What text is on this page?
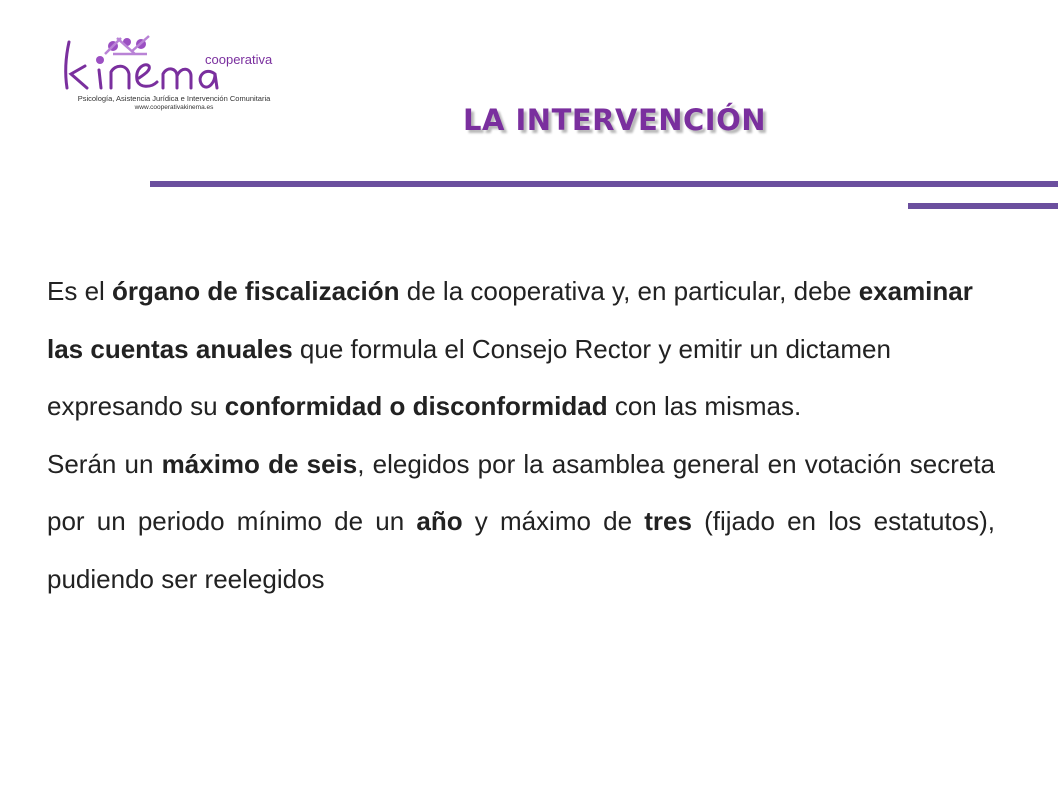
cooperativa
Psicología, Asistencia Jurídica e Intervención Comunitaria
www.cooperativakinema.es	LA INTERVENCIÓN
Es el órgano de fiscalización de la cooperativa y, en particular, debe examinar las cuentas anuales que formula el Consejo Rector y emitir un dictamen expresando su conformidad o disconformidad con las mismas.
Serán un máximo de seis, elegidos por la asamblea general en votación secreta por un periodo mínimo de un año y máximo de tres (fijado en los estatutos), pudiendo ser reelegidos
